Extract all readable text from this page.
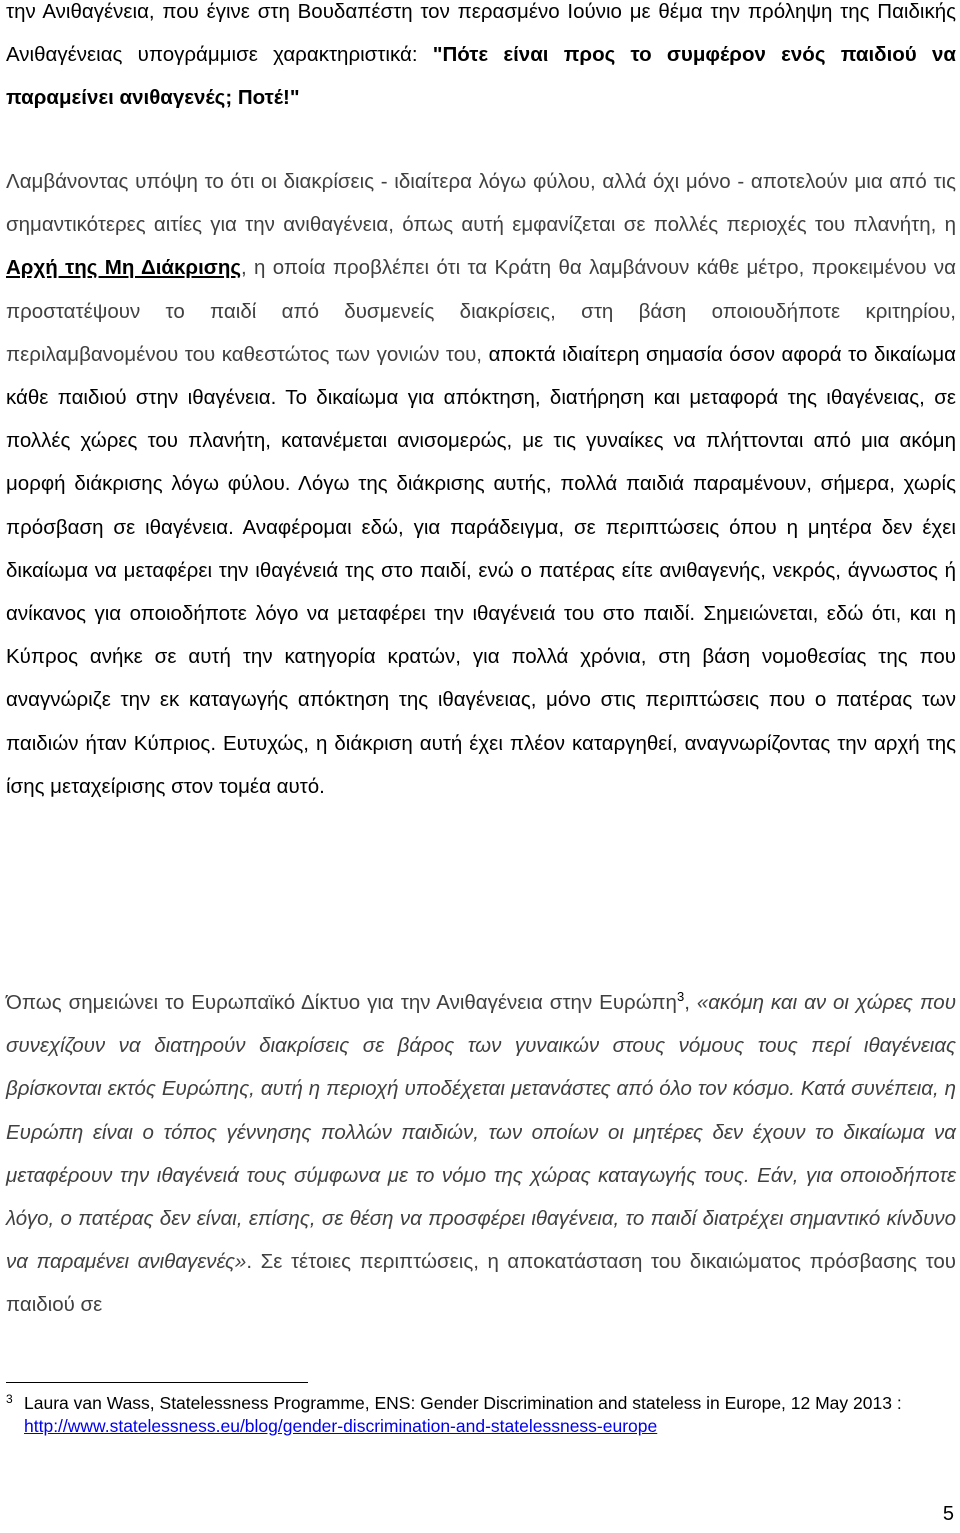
την Ανιθαγένεια, που έγινε στη Βουδαπέστη τον περασμένο Ιούνιο με θέμα την πρόληψη της Παιδικής Ανιθαγένειας υπογράμμισε χαρακτηριστικά: "Πότε είναι προς το συμφέρον ενός παιδιού να παραμείνει ανιθαγενές; Ποτέ!"

Λαμβάνοντας υπόψη το ότι οι διακρίσεις - ιδιαίτερα λόγω φύλου, αλλά όχι μόνο - αποτελούν μια από τις σημαντικότερες αιτίες για την ανιθαγένεια, όπως αυτή εμφανίζεται σε πολλές περιοχές του πλανήτη, η Αρχή της Μη Διάκρισης, η οποία προβλέπει ότι τα Κράτη θα λαμβάνουν κάθε μέτρο, προκειμένου να προστατέψουν το παιδί από δυσμενείς διακρίσεις, στη βάση οποιουδήποτε κριτηρίου, περιλαμβανομένου του καθεστώτος των γονιών του, αποκτά ιδιαίτερη σημασία όσον αφορά το δικαίωμα κάθε παιδιού στην ιθαγένεια. Το δικαίωμα για απόκτηση, διατήρηση και μεταφορά της ιθαγένειας, σε πολλές χώρες του πλανήτη, κατανέμεται ανισομερώς, με τις γυναίκες να πλήττονται από μια ακόμη μορφή διάκρισης λόγω φύλου. Λόγω της διάκρισης αυτής, πολλά παιδιά παραμένουν, σήμερα, χωρίς πρόσβαση σε ιθαγένεια. Αναφέρομαι εδώ, για παράδειγμα, σε περιπτώσεις όπου η μητέρα δεν έχει δικαίωμα να μεταφέρει την ιθαγένειά της στο παιδί, ενώ ο πατέρας είτε ανιθαγενής, νεκρός, άγνωστος ή ανίκανος για οποιοδήποτε λόγο να μεταφέρει την ιθαγένειά του στο παιδί. Σημειώνεται, εδώ ότι, και η Κύπρος ανήκε σε αυτή την κατηγορία κρατών, για πολλά χρόνια, στη βάση νομοθεσίας της που αναγνώριζε την εκ καταγωγής απόκτηση της ιθαγένειας, μόνο στις περιπτώσεις που ο πατέρας των παιδιών ήταν Κύπριος. Ευτυχώς, η διάκριση αυτή έχει πλέον καταργηθεί, αναγνωρίζοντας την αρχή της ίσης μεταχείρισης στον τομέα αυτό.

Όπως σημειώνει το Ευρωπαϊκό Δίκτυο για την Ανιθαγένεια στην Ευρώπη$^3$, «ακόμη και αν οι χώρες που συνεχίζουν να διατηρούν διακρίσεις σε βάρος των γυναικών στους νόμους τους περί ιθαγένειας βρίσκονται εκτός Ευρώπης, αυτή η περιοχή υποδέχεται μετανάστες από όλο τον κόσμο. Κατά συνέπεια, η Ευρώπη είναι ο τόπος γέννησης πολλών παιδιών, των οποίων οι μητέρες δεν έχουν το δικαίωμα να μεταφέρουν την ιθαγένειά τους σύμφωνα με το νόμο της χώρας καταγωγής τους. Εάν, για οποιοδήποτε λόγο, ο πατέρας δεν είναι, επίσης, σε θέση να προσφέρει ιθαγένεια, το παιδί διατρέχει σημαντικό κίνδυνο να παραμένει ανιθαγενές». Σε τέτοιες περιπτώσεις, η αποκατάσταση του δικαιώματος πρόσβασης του παιδιού σε

3 Laura van Wass, Statelessness Programme, ENS: Gender Discrimination and stateless in Europe, 12 May 2013 : http://www.statelessness.eu/blog/gender-discrimination-and-statelessness-europe

5
